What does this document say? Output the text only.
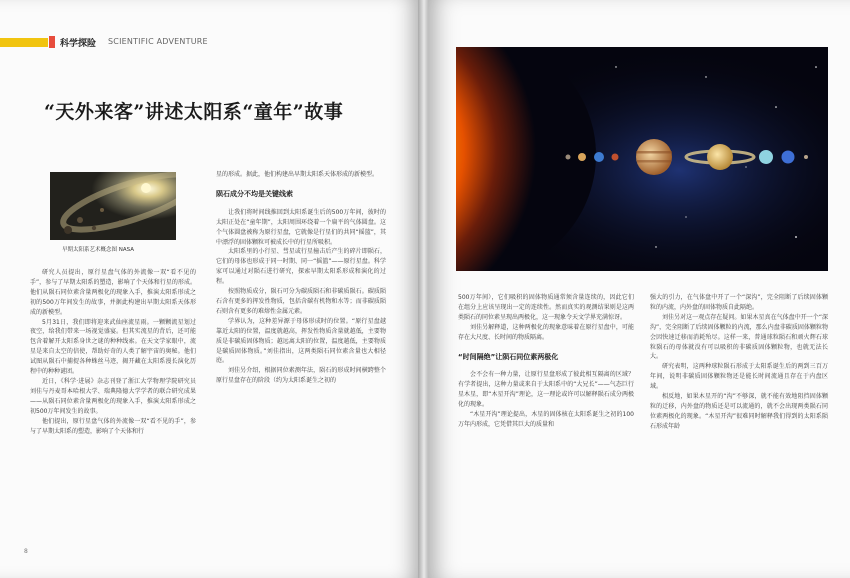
科学探险 SCIENTIFIC ADVENTURE
“天外来客”讲述太阳系“童年”故事
早期太阳系艺术概念图 NASA

研究人员提出，原行星盘气体的外流像一双“看不见的手”，参与了早期太阳系的塑造，影响了个天体和行星的形成。他们从陨石同位素含量两极化的现象入手，推演太阳系形成之初的500万年间发生的故事，并据此构建出早期太阳系天体形成的新模型。

5月31日，我们即将迎来武仙座流星雨。一颗颗流星划过夜空，给我们带来一场视觉盛宴。但其实流星的背后，还可能包含着解开太阳系身世之谜的种种线索。在天文学家眼中，流星是来自太空的信使，帮助好奇的人类了解宇宙的奥秘。他们试图从陨石中捕捉各种蛛丝马迹，揭开藏在太阳系漫长演化历程中的种种谜团。

近日，《科学·进展》杂志刊登了浙江大学物理学院研究员刘佳与丹麦哥本哈根大学、瑞典隆德大学学者的联合研究成果——从陨石同位素含量两极化的现象入手，推演太阳系形成之初500万年间发生的故事。

他们提出，原行星盘气体的外流像一双“看不见的手”，参与了早期太阳系的塑造，影响了个天体和行

星的形成。据此，他们构建出早期太阳系天体形成的新模型。

陨石成分不均是关键线索

让我们将时间线推回到太阳系诞生后的500万年间，彼时的太阳正处在“童年期”，太阳周围环绕着一个扁平的气体圆盘。这个气体圆盘被称为原行星盘，它就像是行星们的共同“摇篮”，其中漂浮的固体颗粒可被成长中的行星所吸积。

太阳系里的小行星、彗星或行星撞击后产生的碎片即陨石，它们的母体也形成于同一时期、同一“摇篮”——原行星盘。科学家可以通过对陨石进行研究，探索早期太阳系形成和演化的过程。

按照物质成分，陨石可分为碳质陨石和非碳质陨石。碳质陨石含有更多的挥发性物质，包括含碳有机物和水等；而非碳质陨石则含有更多的难熔性金属元素。

学界认为，这种差异源于母体形成时的位置。“原行星盘越靠近太阳的位置，温度就越高，挥发性物质含量就越低，主要物质是非碳质固体物质；越远离太阳的位置，温度越低，主要物质是碳质固体物质。”刘佳指出，这两类陨石同位素含量也大相径庭。

刘佳另介绍，根据同位素测年法，陨石的形成时间横跨整个原行星盘存在的阶段（约为太阳系诞生之初的

8

500万年间），它们吸积的固体物质通常须含量连续的，因此它们在组分上应该呈现出一定的连续性。然而真实的观测结果则是这两类陨石的同位素呈现出两极化，这一现象令天文学界充满惊讶。

刘佳另解释道，这种两极化的现象意味着在原行星盘中，可能存在大尺度、长时间的物质隔离。

“时间隔绝”让陨石同位素两极化

会不会有一种力量，让原行星盘形成了彼此相互隔离的区域？有学者提出，这种力量或来自于太阳系中的“大兄长”——气态巨行星木星，即“木星开沟”理论，这一理论或许可以解释陨石成分两极化的现象。

“木星开沟”理论提出，木星的固体核在太阳系诞生之初的100万年内形成，它凭借其巨大的质量和

强大的引力，在气体盘中开了一个“深沟”，完全阻断了后续固体颗粒的内流，内外盘的固体物质自此隔绝。

刘佳另对这一观点存在疑问。如果木星真在气体盘中开一个“深沟”，完全阻断了后续固体颗粒的内流，那么内盘非碳质固体颗粒物会因快速迁移而消耗殆尽。这样一来，普通球粒陨石和顽火辉石球粒陨石的母体就没有可以吸积的非碳质固体颗粒物，也就无法长大。

研究表明，这两种球粒陨石形成于太阳系诞生后的两到三百万年间，说明非碳质固体颗粒物还是能长时间流通且存在于内盘区域。

相反地，如果木星开的“沟”不够深，就不能有效地阻挡固体颗粒的迁移，内外盘的物质还是可以流通的，就不会出现两类陨石同位素两极化的现象。“木星开沟”很难同时解释我们得到的太阳系陨石形成年龄
